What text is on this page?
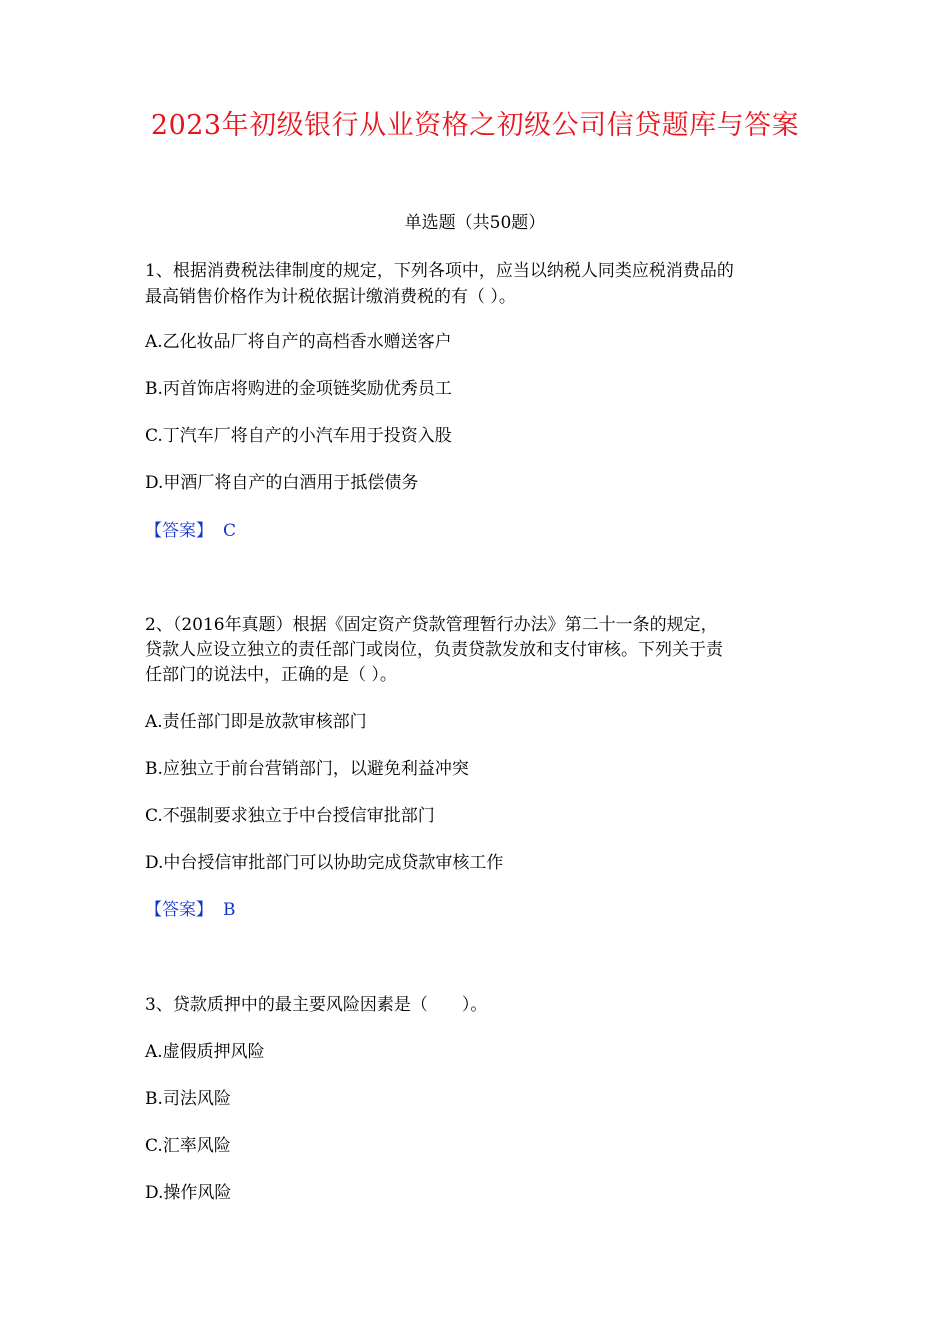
2023年初级银行从业资格之初级公司信贷题库与答案
单选题（共50题）
1、根据消费税法律制度的规定，下列各项中，应当以纳税人同类应税消费品的
最高销售价格作为计税依据计缴消费税的有（ ）。
A.乙化妆品厂将自产的高档香水赠送客户
B.丙首饰店将购进的金项链奖励优秀员工
C.丁汽车厂将自产的小汽车用于投资入股
D.甲酒厂将自产的白酒用于抵偿债务
【答案】 C
2、（2016年真题）根据《固定资产贷款管理暂行办法》第二十一条的规定，
贷款人应设立独立的责任部门或岗位，负责贷款发放和支付审核。下列关于责
任部门的说法中，正确的是（ ）。
A.责任部门即是放款审核部门
B.应独立于前台营销部门，以避免利益冲突
C.不强制要求独立于中台授信审批部门
D.中台授信审批部门可以协助完成贷款审核工作
【答案】 B
3、贷款质押中的最主要风险因素是（　　）。
A.虚假质押风险
B.司法风险
C.汇率风险
D.操作风险
